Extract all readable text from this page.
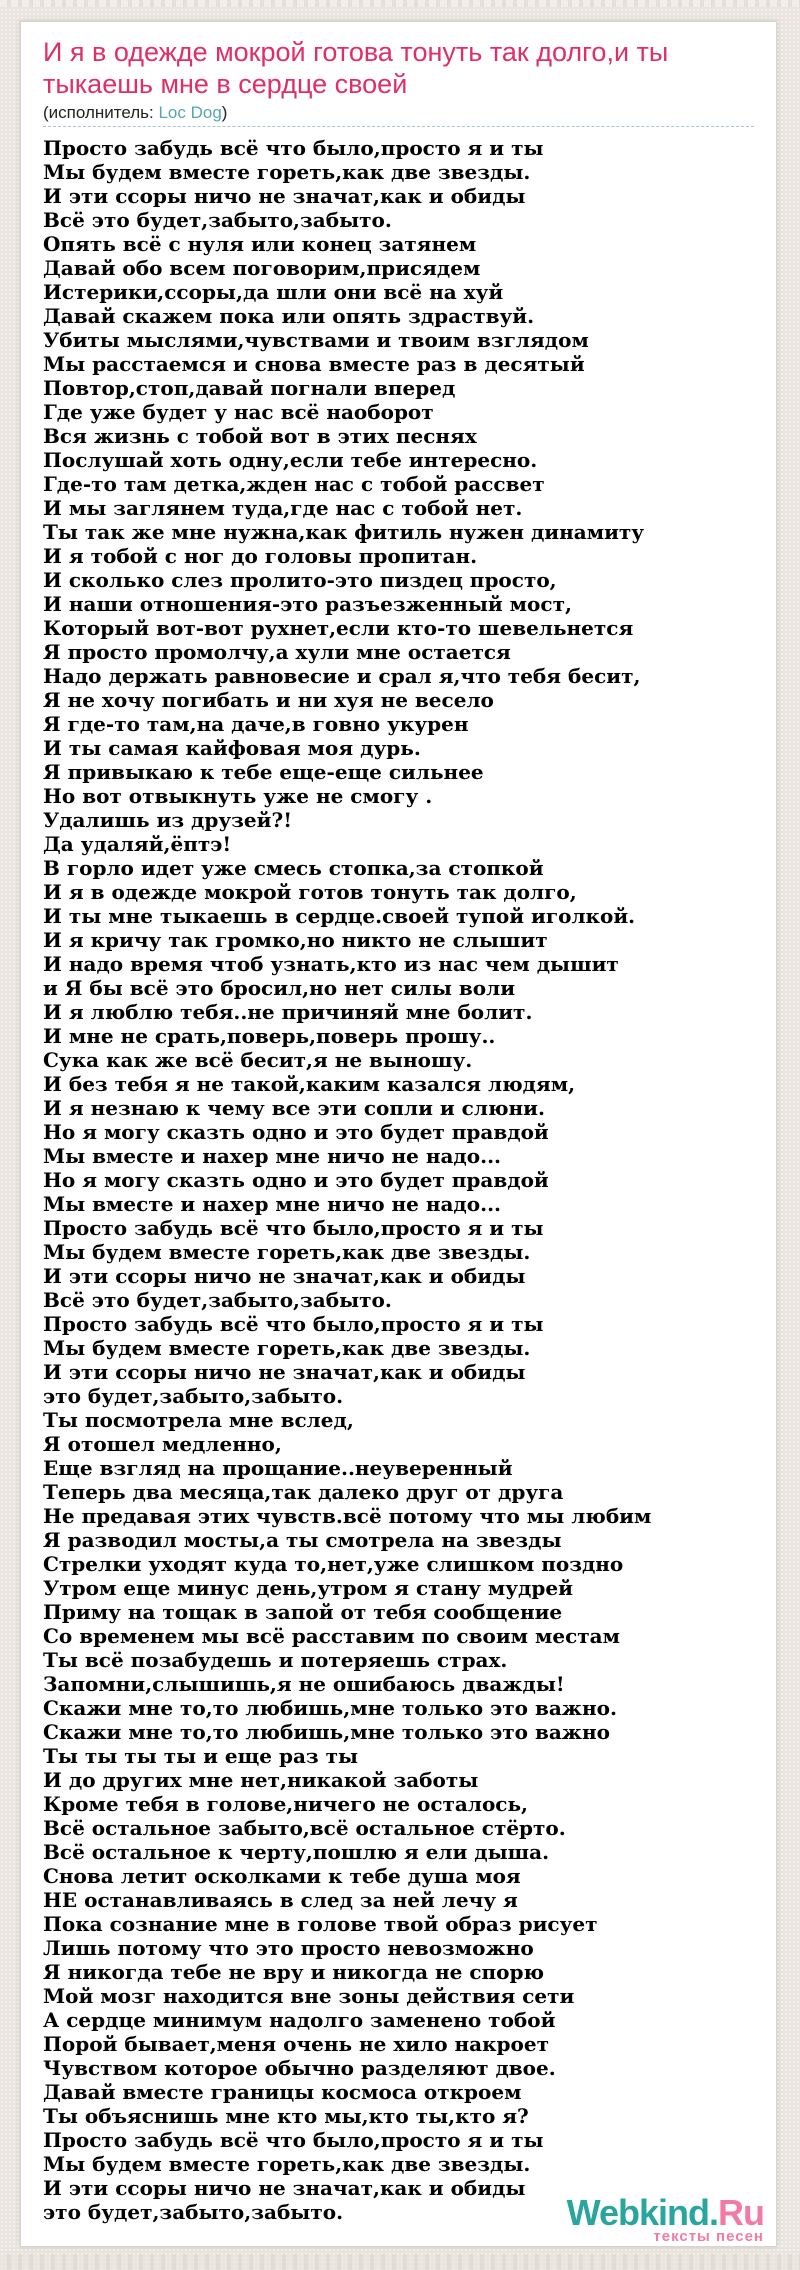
И я в одежде мокрой готова тонуть так долго,и ты тыкаешь мне в сердце своей
(исполнитель: Loc Dog)
Просто забудь всё что было,просто я и ты
Мы будем вместе гореть,как две звезды.
И эти ссоры ничо не значат,как и обиды
Всё это будет,забыто,забыто.
Опять всё с нуля или конец затянем
Давай обо всем поговорим,присядем
Истерики,ссоры,да шли они всё на хуй
Давай скажем пока или опять здраствуй.
Убиты мыслями,чувствами и твоим взглядом
Мы расстаемся и снова вместе раз в десятый
Повтор,стоп,давай погнали вперед
Где уже будет у нас всё наоборот
Вся жизнь с тобой вот в этих песнях
Послушай хоть одну,если тебе интересно.
Где-то там детка,жден нас с тобой рассвет
И мы заглянем туда,где нас с тобой нет.
Ты так же мне нужна,как фитиль нужен динамиту
И я тобой с ног до головы пропитан.
И сколько слез пролито-это пиздец просто,
И наши отношения-это разъезженный мост,
Который вот-вот рухнет,если кто-то шевельнется
Я просто промолчу,а хули мне остается
Надо держать равновесие и срал я,что тебя бесит,
Я не хочу погибать и ни хуя не весело
Я где-то там,на даче,в говно укурен
И ты самая кайфовая моя дурь.
Я привыкаю к тебе еще-еще сильнее
Но вот отвыкнуть уже не смогу .
Удалишь из друзей?!
Да удаляй,ёптэ!
В горло идет уже смесь стопка,за стопкой
И я в одежде мокрой готов тонуть так долго,
И ты мне тыкаешь в сердце.своей тупой иголкой.
И я кричу так громко,но никто не слышит
И надо время чтоб узнать,кто из нас чем дышит
и Я бы всё это бросил,но нет силы воли
И я люблю тебя..не причиняй мне болит.
И мне не срать,поверь,поверь прошу..
Сука как же всё бесит,я не выношу.
И без тебя я не такой,каким казался людям,
И я незнаю к чему все эти сопли и слюни.
Но я могу сказть одно и это будет правдой
Мы вместе и нахер мне ничо не надо...
Но я могу сказть одно и это будет правдой
Мы вместе и нахер мне ничо не надо...
Просто забудь всё что было,просто я и ты
Мы будем вместе гореть,как две звезды.
И эти ссоры ничо не значат,как и обиды
Всё это будет,забыто,забыто.
Просто забудь всё что было,просто я и ты
Мы будем вместе гореть,как две звезды.
И эти ссоры ничо не значат,как и обиды
это будет,забыто,забыто.
Ты посмотрела мне вслед,
Я отошел медленно,
Еще взгляд на прощание..неуверенный
Теперь два месяца,так далеко друг от друга
Не предавая этих чувств.всё потому что мы любим
Я разводил мосты,а ты смотрела на звезды
Стрелки уходят куда то,нет,уже слишком поздно
Утром еще минус день,утром я стану мудрей
Приму на тощак в запой от тебя сообщение
Со временем мы всё расставим по своим местам
Ты всё позабудешь и потеряешь страх.
Запомни,слышишь,я не ошибаюсь дважды!
Скажи мне то,то любишь,мне только это важно.
Скажи мне то,то любишь,мне только это важно
Ты ты ты ты и еще раз ты
И до других мне нет,никакой заботы
Кроме тебя в голове,ничего не осталось,
Всё остальное забыто,всё остальное стёрто.
Всё остальное к черту,пошлю я ели дыша.
Снова летит осколками к тебе душа моя
НЕ останавливаясь в след за ней лечу я
Пока сознание мне в голове твой образ рисует
Лишь потому что это просто невозможно
Я никогда тебе не вру и никогда не спорю
Мой мозг находится вне зоны действия сети
А сердце минимум надолго заменено тобой
Порой бывает,меня очень не хило накроет
Чувством которое обычно разделяют двое.
Давай вместе границы космоса откроем
Ты объяснишь мне кто мы,кто ты,кто я?
Просто забудь всё что было,просто я и ты
Мы будем вместе гореть,как две звезды.
И эти ссоры ничо не значат,как и обиды
это будет,забыто,забыто.	Webkind.Ru
тексты песен
